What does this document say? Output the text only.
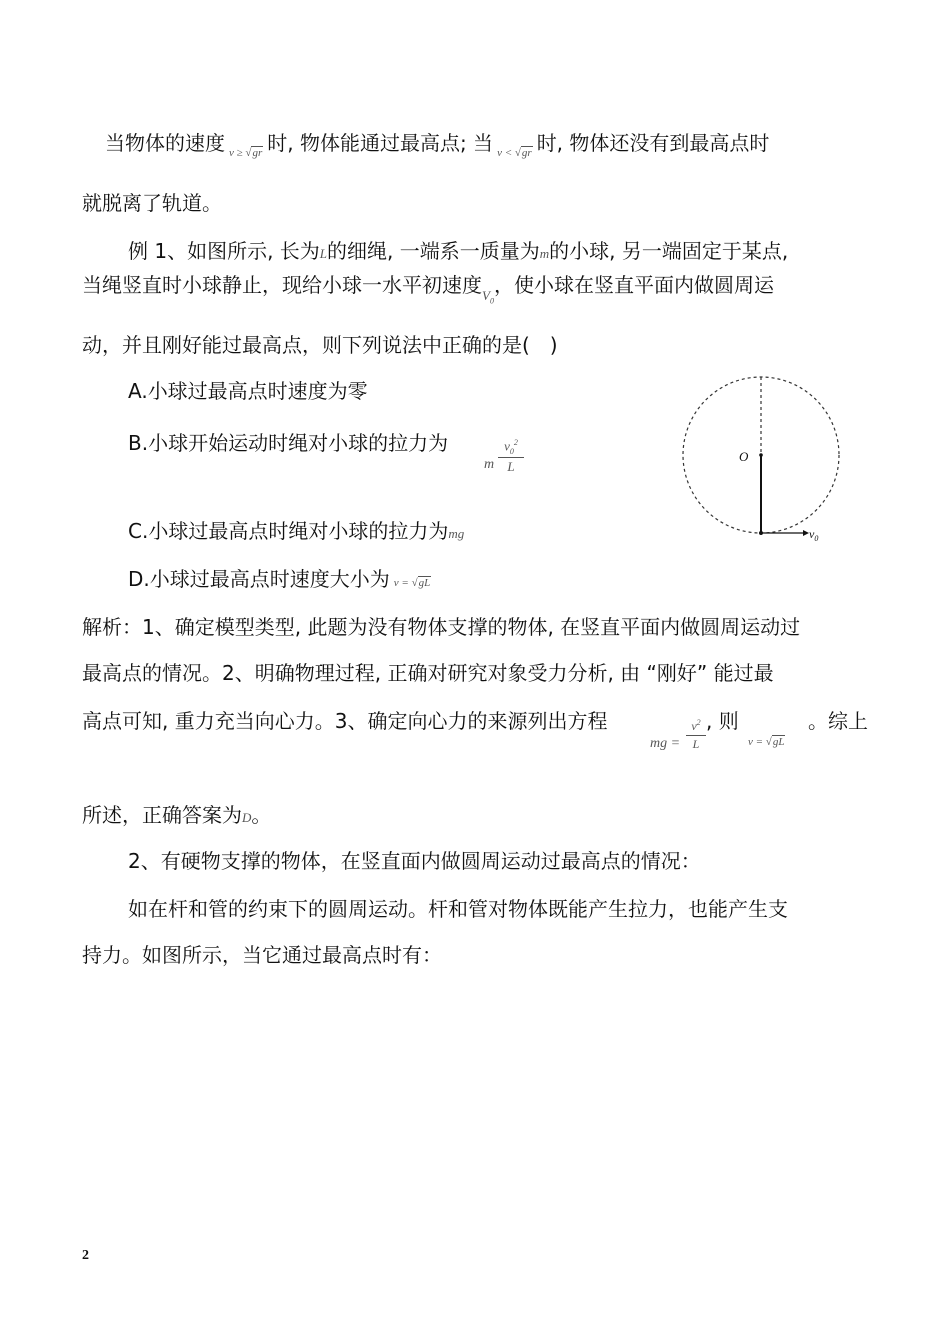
当物体的速度 $_{v \ge √gr}$ 时, 物体能通过最高点; 当 $_{v < √gr}$ 时, 物体还没有到最高点时
就脱离了轨道。
例 1、如图所示, 长为L的细绳, 一端系一质量为m的小球, 另一端固定于某点,
当绳竖直时小球静止，现给小球一水平初速度$_{V_0}$，使小球在竖直平面内做圆周运
动，并且刚好能过最高点，则下列说法中正确的是(　)
A.小球过最高点时速度为零
B.小球开始运动时绳对小球的拉力为
m
$v_0^2$
L
C.小球过最高点时绳对小球的拉力为mg
D.小球过最高点时速度大小为 v = √gL
解析：1、确定模型类型, 此题为没有物体支撑的物体, 在竖直平面内做圆周运动过
最高点的情况。2、明确物理过程, 正确对研究对象受力分析, 由 “刚好” 能过最
高点可知, 重力充当向心力。3、确定向心力的来源列出方程	, 则	。综上
mg =
$v^2$
L	v = √gL
所述，正确答案为D。
2、有硬物支撑的物体，在竖直面内做圆周运动过最高点的情况：
如在杆和管的约束下的圆周运动。杆和管对物体既能产生拉力，也能产生支
持力。如图所示，当它通过最高点时有：
O
$v_0$
2
